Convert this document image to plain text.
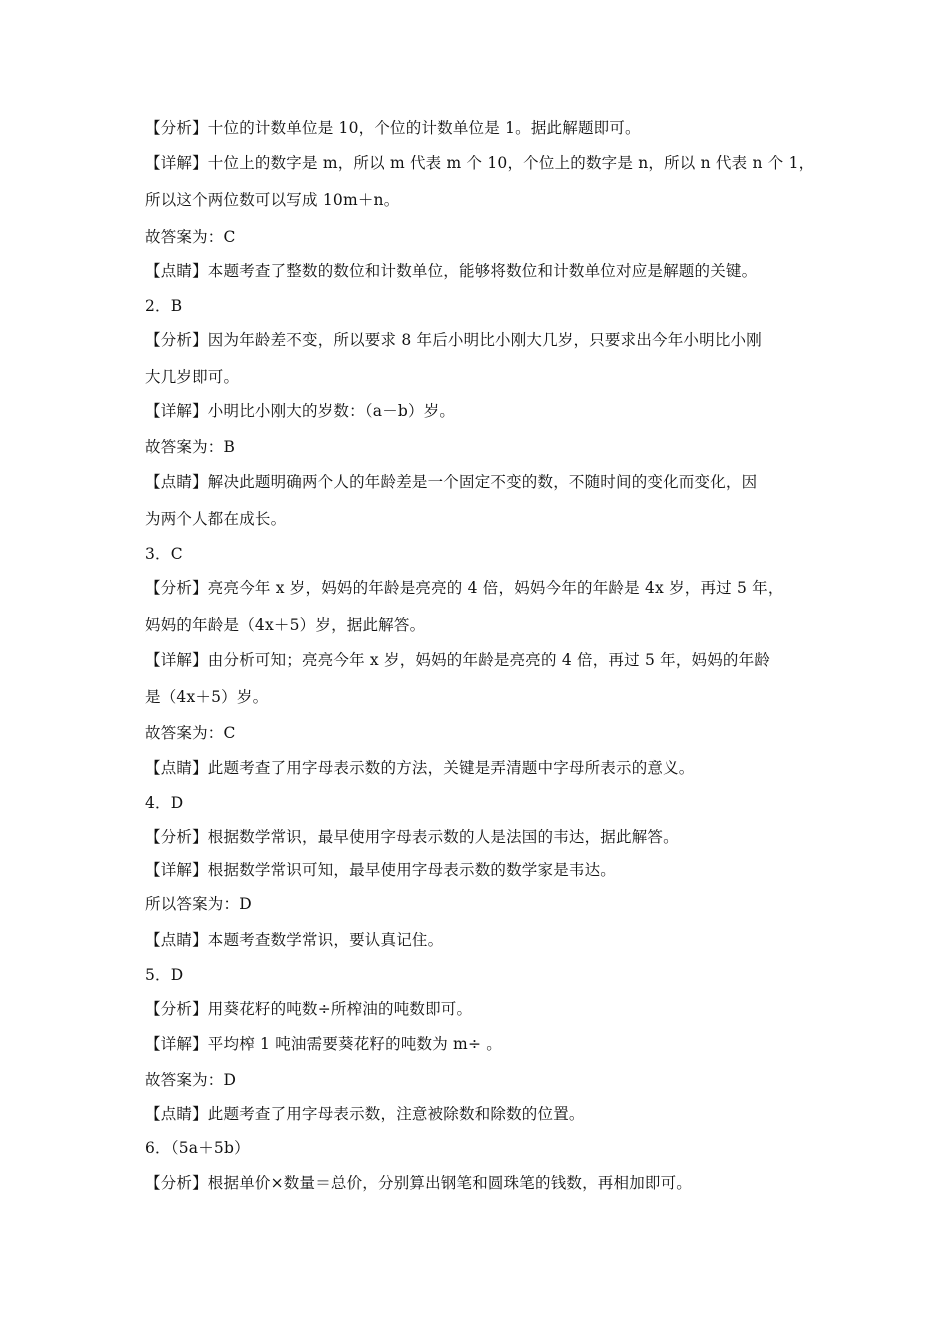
【分析】十位的计数单位是 10，个位的计数单位是 1。据此解题即可。
【详解】十位上的数字是 m，所以 m 代表 m 个 10，个位上的数字是 n，所以 n 代表 n 个 1，
所以这个两位数可以写成 10m＋n。
故答案为：C
【点睛】本题考查了整数的数位和计数单位，能够将数位和计数单位对应是解题的关键。
2．B
【分析】因为年龄差不变，所以要求 8 年后小明比小刚大几岁，只要求出今年小明比小刚
大几岁即可。
【详解】小明比小刚大的岁数：（a－b）岁。
故答案为：B
【点睛】解决此题明确两个人的年龄差是一个固定不变的数，不随时间的变化而变化，因
为两个人都在成长。
3．C
【分析】亮亮今年 x 岁，妈妈的年龄是亮亮的 4 倍，妈妈今年的年龄是 4x 岁，再过 5 年，
妈妈的年龄是（4x＋5）岁，据此解答。
【详解】由分析可知；亮亮今年 x 岁，妈妈的年龄是亮亮的 4 倍，再过 5 年，妈妈的年龄
是（4x＋5）岁。
故答案为：C
【点睛】此题考查了用字母表示数的方法，关键是弄清题中字母所表示的意义。
4．D
【分析】根据数学常识，最早使用字母表示数的人是法国的韦达，据此解答。
【详解】根据数学常识可知，最早使用字母表示数的数学家是韦达。
所以答案为：D
【点睛】本题考查数学常识，要认真记住。
5．D
【分析】用葵花籽的吨数÷所榨油的吨数即可。
【详解】平均榨 1 吨油需要葵花籽的吨数为 m÷ 。
故答案为：D
【点睛】此题考查了用字母表示数，注意被除数和除数的位置。
6．（5a＋5b）
【分析】根据单价×数量＝总价，分别算出钢笔和圆珠笔的钱数，再相加即可。
